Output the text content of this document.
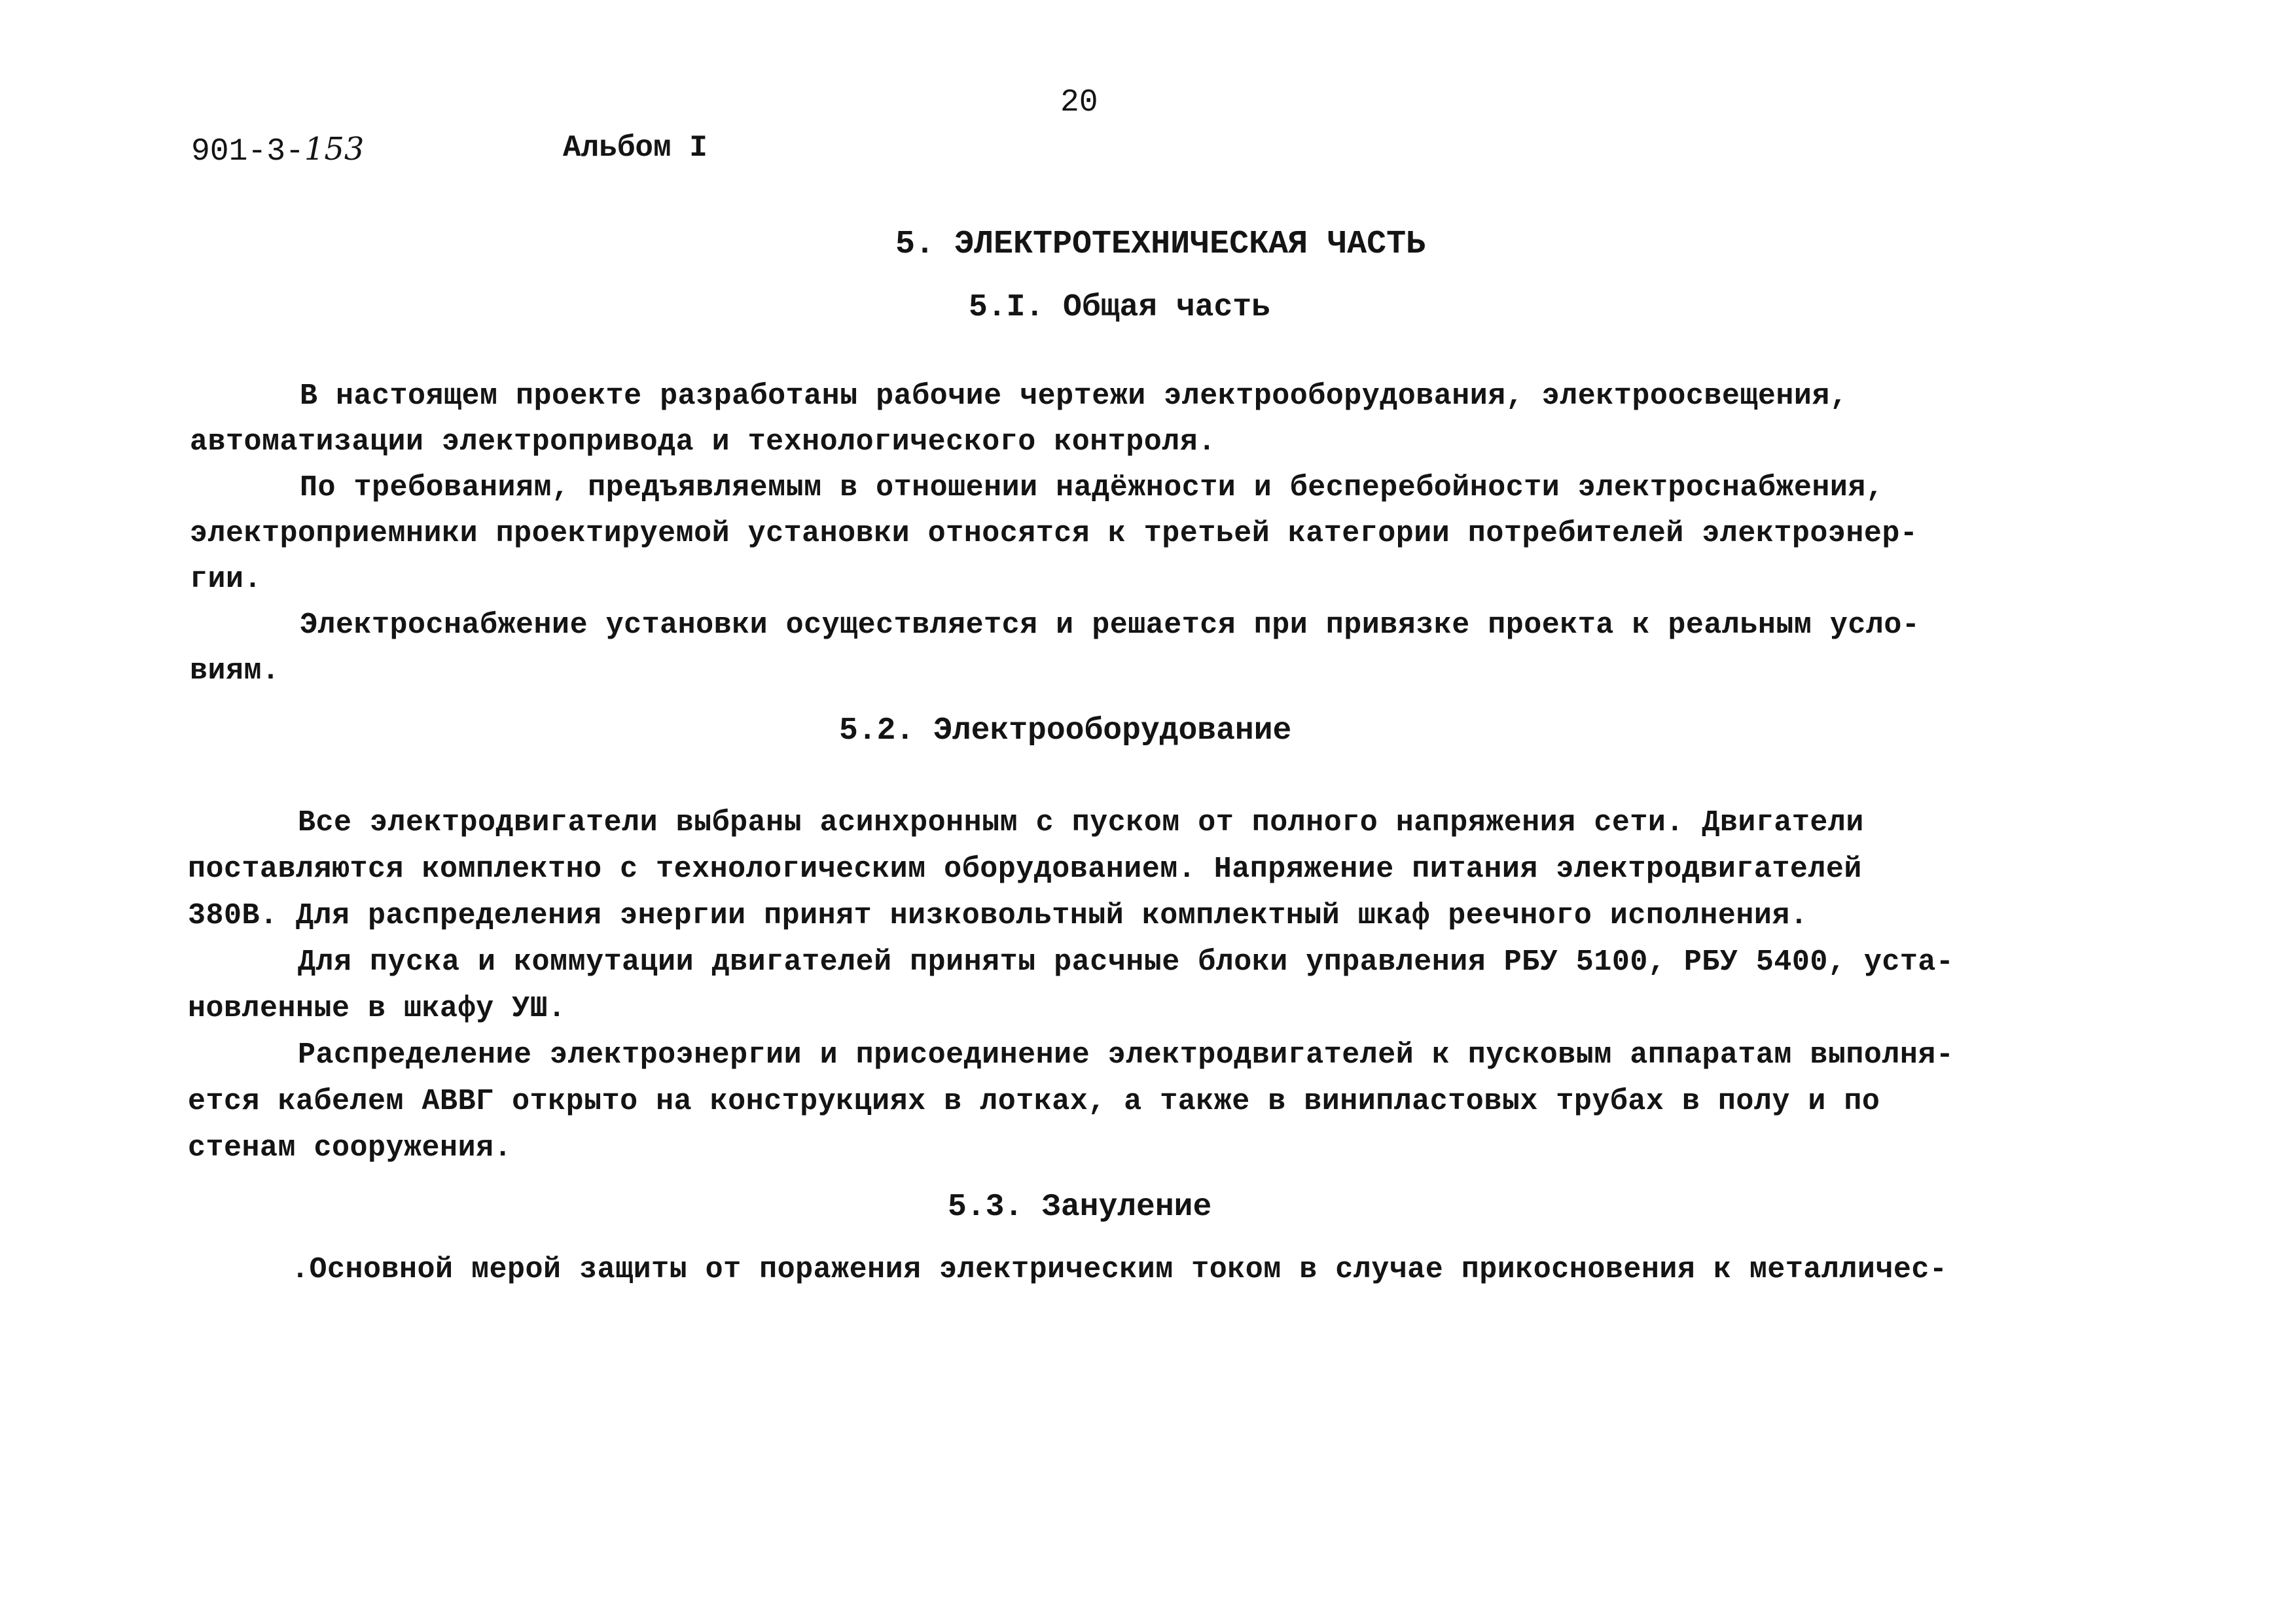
20
901-3-153	Альбом I
5. ЭЛЕКТРОТЕХНИЧЕСКАЯ ЧАСТЬ
5.I. Общая часть
В настоящем проекте разработаны рабочие чертежи электрооборудования, электроосвещения,
автоматизации электропривода и технологического контроля.
По требованиям, предъявляемым в отношении надёжности и бесперебойности электроснабжения,
электроприемники проектируемой установки относятся к третьей категории потребителей электроэнер-
гии.
Электроснабжение установки осуществляется и решается при привязке проекта к реальным усло-
виям.
5.2. Электрооборудование
Все электродвигатели выбраны асинхронным с пуском от полного напряжения сети. Двигатели
поставляются комплектно с технологическим оборудованием. Напряжение питания электродвигателей
380В. Для распределения энергии принят низковольтный комплектный шкаф реечного исполнения.
Для пуска и коммутации двигателей приняты расчные блоки управления РБУ 5100, РБУ 5400, уста-
новленные в шкафу УШ.
Распределение электроэнергии и присоединение электродвигателей к пусковым аппаратам выполня-
ется кабелем АВВГ открыто на конструкциях в лотках, а также в винипластовых трубах в полу и по
стенам сооружения.
5.3. Зануление
.Основной мерой защиты от поражения электрическим током в случае прикосновения к металличес-
